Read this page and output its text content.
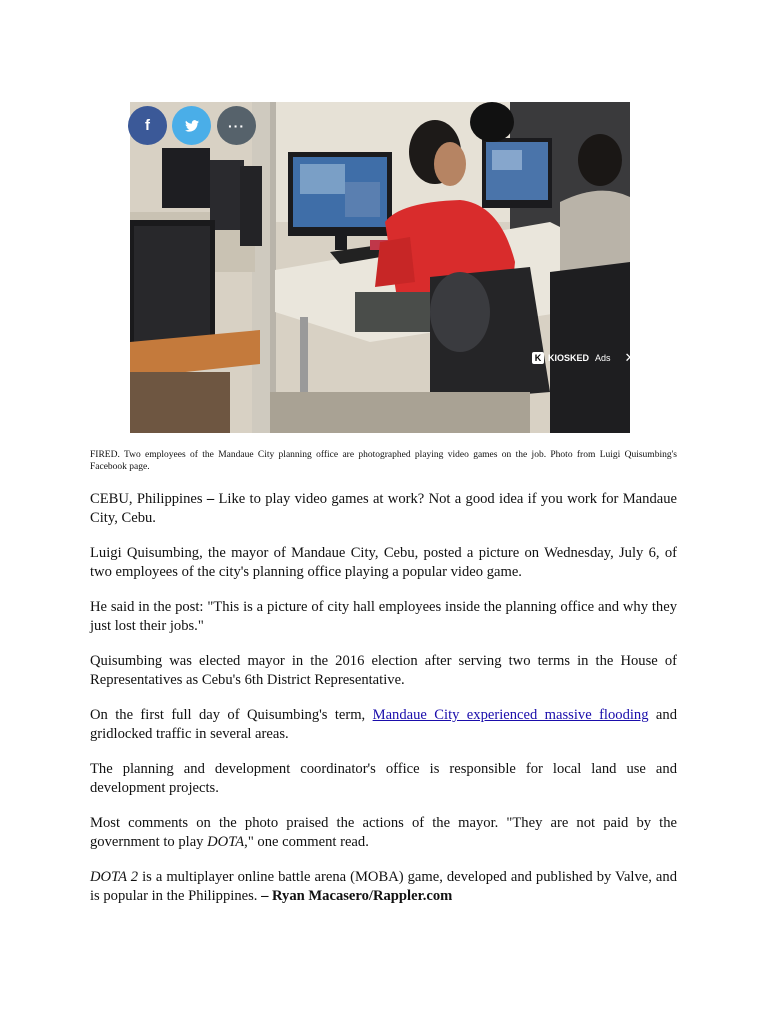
f	···
K KIOSKED Ads ✕
FIRED. Two employees of the Mandaue City planning office are photographed playing video games on the job. Photo from Luigi Quisumbing's Facebook page.

CEBU, Philippines – Like to play video games at work? Not a good idea if you work for Mandaue City, Cebu.

Luigi Quisumbing, the mayor of Mandaue City, Cebu, posted a picture on Wednesday, July 6, of two employees of the city's planning office playing a popular video game.

He said in the post: "This is a picture of city hall employees inside the planning office and why they just lost their jobs."

Quisumbing was elected mayor in the 2016 election after serving two terms in the House of Representatives as Cebu's 6th District Representative.

On the first full day of Quisumbing's term, Mandaue City experienced massive flooding and gridlocked traffic in several areas.

The planning and development coordinator's office is responsible for local land use and development projects.

Most comments on the photo praised the actions of the mayor. "They are not paid by the government to play DOTA," one comment read.

DOTA 2 is a multiplayer online battle arena (MOBA) game, developed and published by Valve, and is popular in the Philippines. – Ryan Macasero/Rappler.com
